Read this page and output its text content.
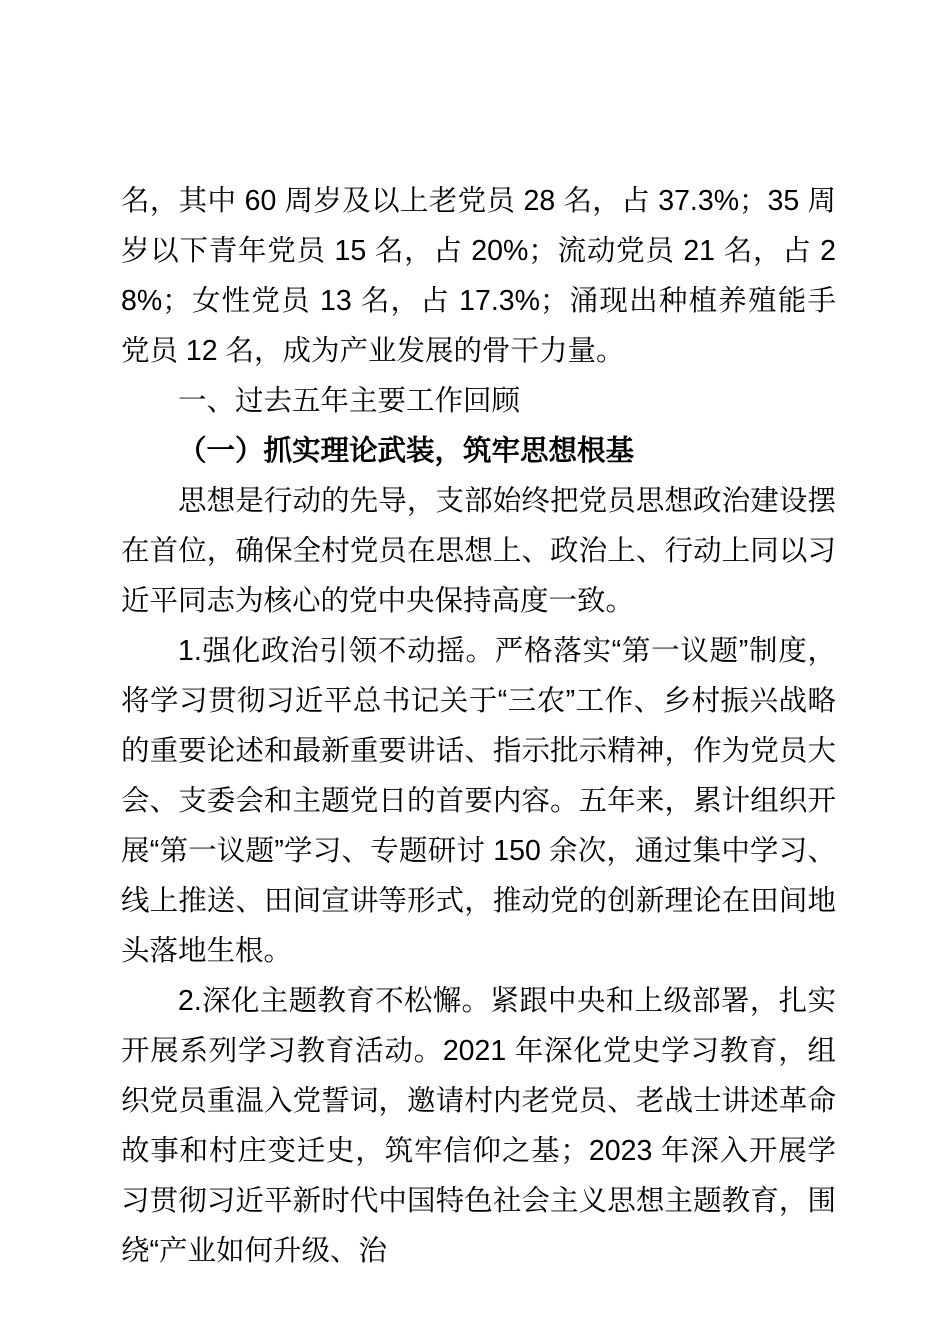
名，其中 60 周岁及以上老党员 28 名，占 37.3%；35 周岁以下青年党员 15 名，占 20%；流动党员 21 名，占 28%；女性党员 13 名，占 17.3%；涌现出种植养殖能手党员 12 名，成为产业发展的骨干力量。

一、过去五年主要工作回顾

（一）抓实理论武装，筑牢思想根基

思想是行动的先导，支部始终把党员思想政治建设摆在首位，确保全村党员在思想上、政治上、行动上同以习近平同志为核心的党中央保持高度一致。

1.强化政治引领不动摇。严格落实“第一议题”制度，将学习贯彻习近平总书记关于“三农”工作、乡村振兴战略的重要论述和最新重要讲话、指示批示精神，作为党员大会、支委会和主题党日的首要内容。五年来，累计组织开展“第一议题”学习、专题研讨 150 余次，通过集中学习、线上推送、田间宣讲等形式，推动党的创新理论在田间地头落地生根。

2.深化主题教育不松懈。紧跟中央和上级部署，扎实开展系列学习教育活动。2021 年深化党史学习教育，组织党员重温入党誓词，邀请村内老党员、老战士讲述革命故事和村庄变迁史，筑牢信仰之基；2023 年深入开展学习贯彻习近平新时代中国特色社会主义思想主题教育，围绕“产业如何升级、治
